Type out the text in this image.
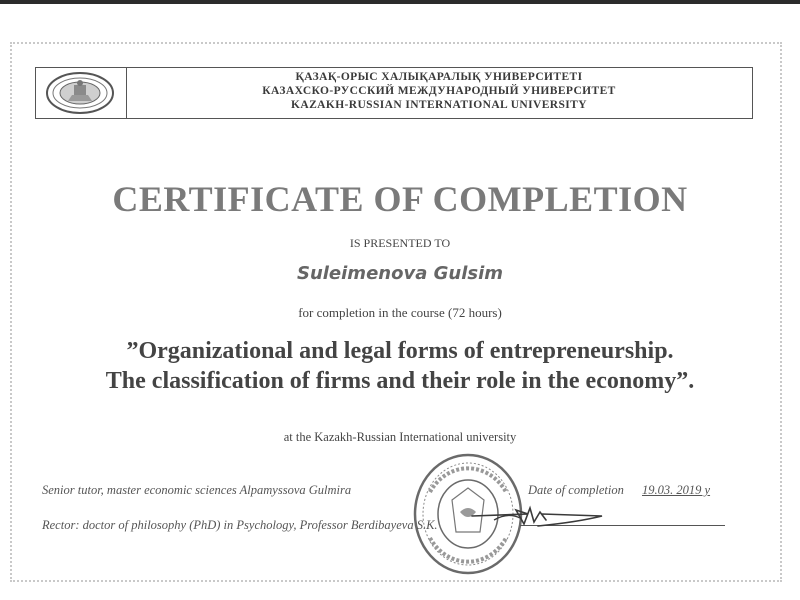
ҚАЗАҚ-ОРЫС ХАЛЫҚАРАЛЫҚ УНИВЕРСИТЕТІ
КАЗАХСКО-РУССКИЙ МЕЖДУНАРОДНЫЙ УНИВЕРСИТЕТ
KAZAKH-RUSSIAN INTERNATIONAL UNIVERSITY
CERTIFICATE OF COMPLETION
IS PRESENTED TO
Suleimenova Gulsim
for completion in the course (72 hours)
”Organizational and legal forms of entrepreneurship.
The classification of firms and their role in the economy”.
at the Kazakh-Russian International university
Senior tutor, master economic sciences Alpamyssova Gulmira	Date of completion 19.03. 2019 y
Rector: doctor of philosophy (PhD) in Psychology, Professor Berdibayeva S.K.
